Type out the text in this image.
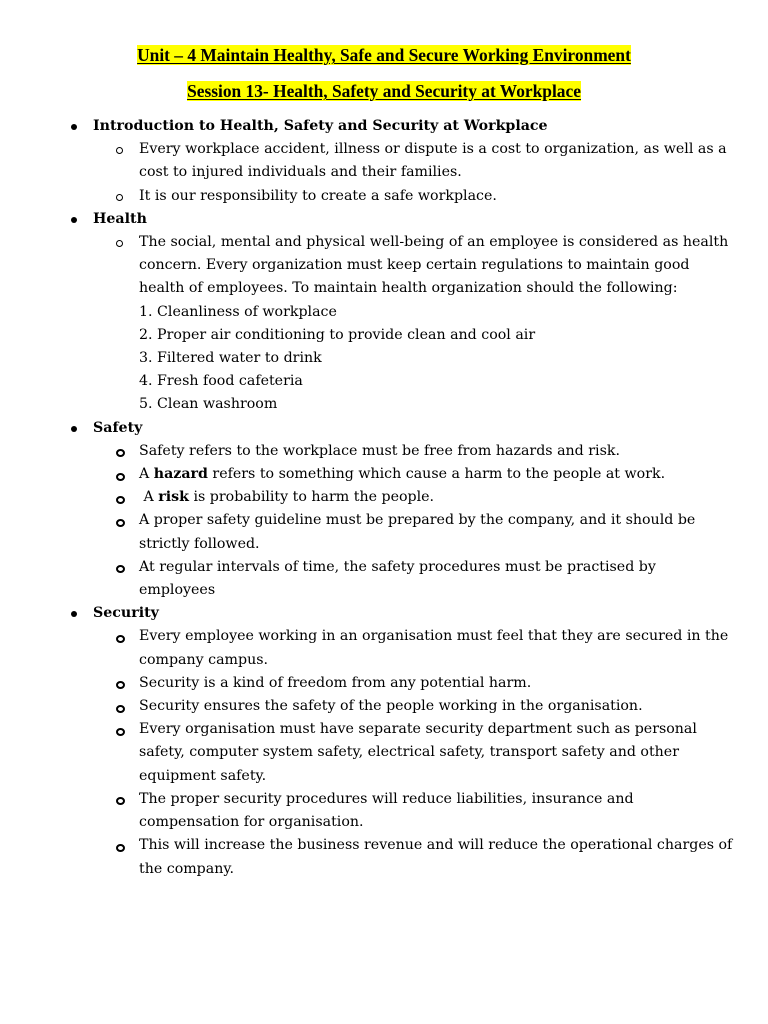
Unit – 4 Maintain Healthy, Safe and Secure Working Environment
Session 13- Health, Safety and Security at Workplace
Introduction to Health, Safety and Security at Workplace
Every workplace accident, illness or dispute is a cost to organization, as well as a cost to injured individuals and their families.
It is our responsibility to create a safe workplace.
Health
The social, mental and physical well-being of an employee is considered as health concern. Every organization must keep certain regulations to maintain good health of employees. To maintain health organization should the following:
1. Cleanliness of workplace
2. Proper air conditioning to provide clean and cool air
3. Filtered water to drink
4. Fresh food cafeteria
5. Clean washroom
Safety
Safety refers to the workplace must be free from hazards and risk.
A hazard refers to something which cause a harm to the people at work.
A risk is probability to harm the people.
A proper safety guideline must be prepared by the company, and it should be strictly followed.
At regular intervals of time, the safety procedures must be practised by employees
Security
Every employee working in an organisation must feel that they are secured in the company campus.
Security is a kind of freedom from any potential harm.
Security ensures the safety of the people working in the organisation.
Every organisation must have separate security department such as personal safety, computer system safety, electrical safety, transport safety and other equipment safety.
The proper security procedures will reduce liabilities, insurance and compensation for organisation.
This will increase the business revenue and will reduce the operational charges of the company.
